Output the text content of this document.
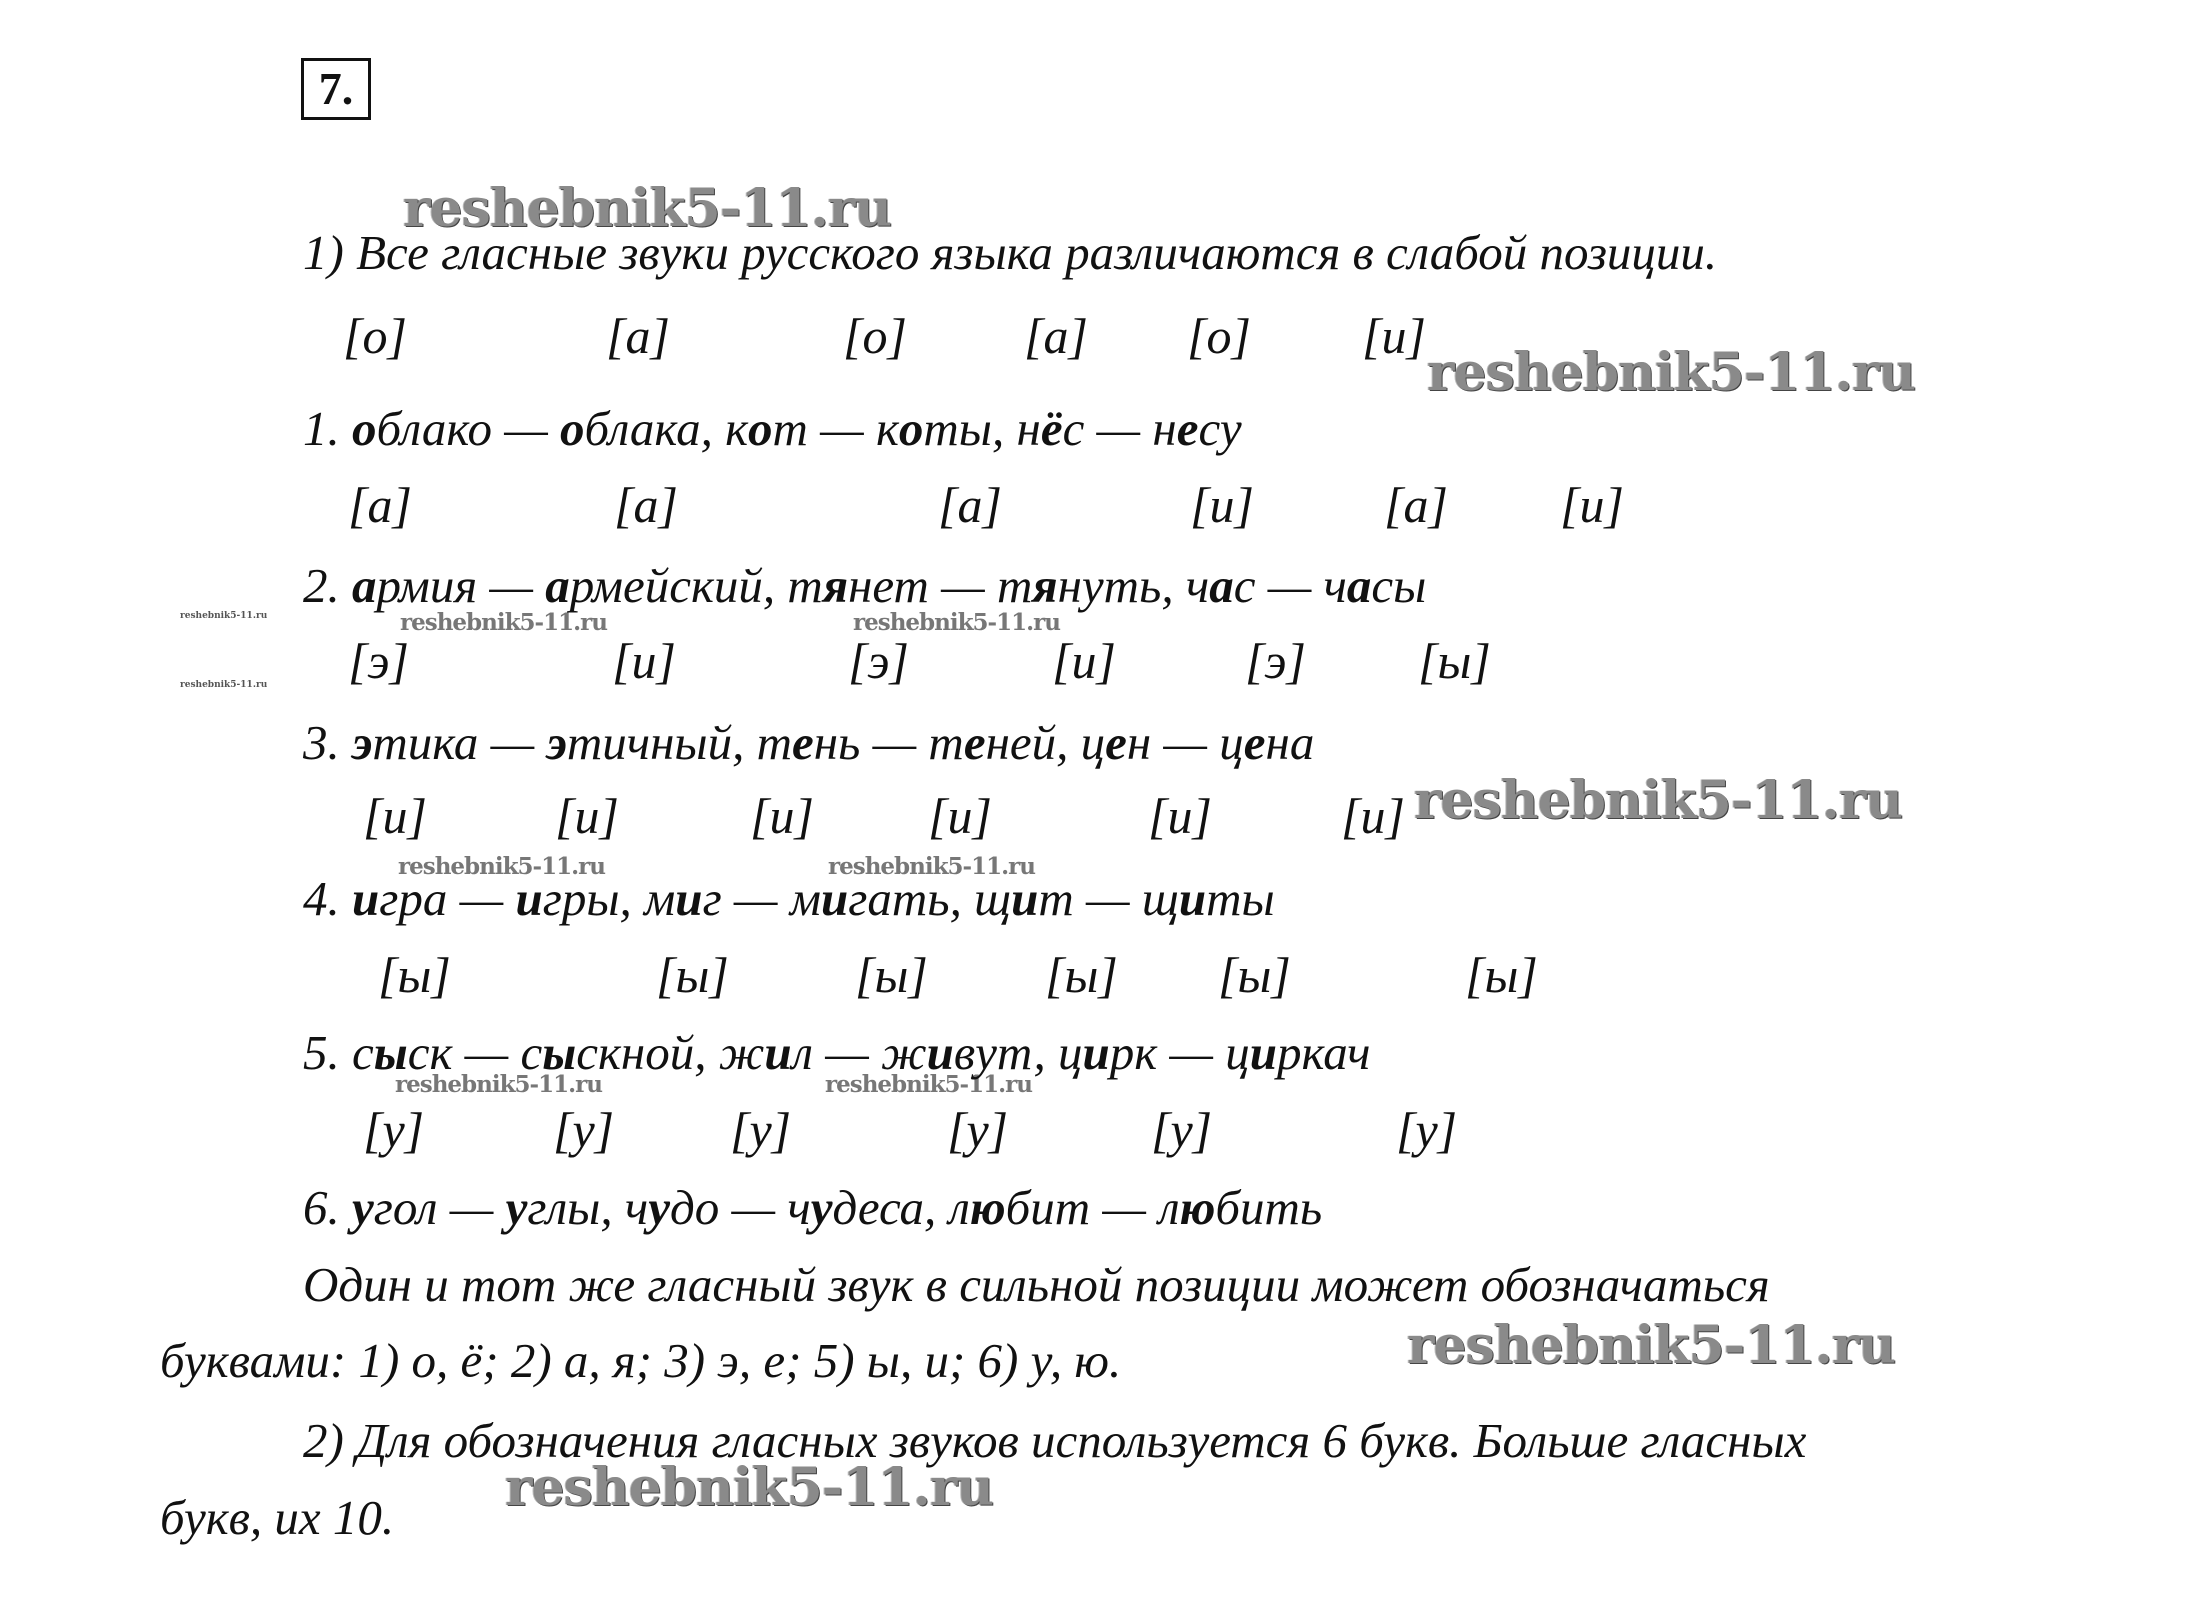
7.
reshebnik5-11.ru
reshebnik5-11.ru
reshebnik5-11.ru	reshebnik5-11.ru	reshebnik5-11.ru
reshebnik5-11.ru
reshebnik5-11.ru
reshebnik5-11.ru	reshebnik5-11.ru
reshebnik5-11.ru	reshebnik5-11.ru
reshebnik5-11.ru
reshebnik5-11.ru
1) Все гласные звуки русского языка различаются в слабой позиции.
1. облако — облака, кот — коты, нёс — несу
2. армия — армейский, тянет — тянуть, час — часы
3. этика — этичный, тень — теней, цен — цена
4. игра — игры, миг — мигать, щит — щиты
5. сыск — сыскной, жил — живут, цирк — циркач
6. угол — углы, чудо — чудеса, любит — любить
Один и тот же гласный звук в сильной позиции может обозначаться
буквами: 1) о, ё; 2) а, я; 3) э, е; 5) ы, и; 6) у, ю.
2) Для обозначения гласных звуков используется 6 букв. Больше гласных
букв, их 10.
[о]	[а]	[о] [а] [о] [и]
[а]	[а]	[а]	[и]	[а] [и]
[э]	[и]	[э]	[и]	[э] [ы]
[и]	[и]	[и] [и]	[и]	[и]
[ы]	[ы]	[ы] [ы] [ы]	[ы]
[у]	[у] [у]	[у]	[у]	[у]
